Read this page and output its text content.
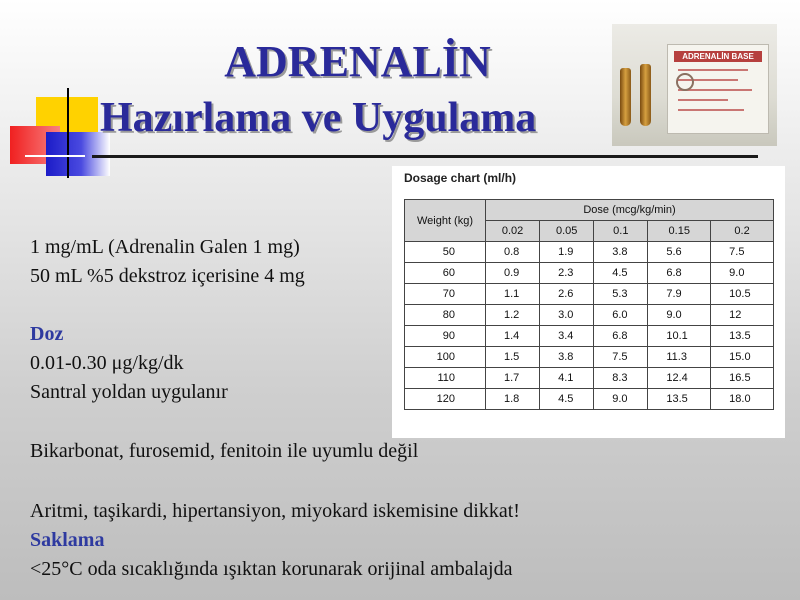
ADRENALİN
Hazırlama ve Uygulama
ADRENALİN BASE
1 mg/mL (Adrenalin Galen 1 mg)
50 mL %5 dekstroz içerisine 4 mg
Doz
0.01-0.30 μg/kg/dk
Santral yoldan uygulanır
Bikarbonat, furosemid, fenitoin ile uyumlu değil
Aritmi, taşikardi, hipertansiyon, miyokard iskemisine dikkat!
Saklama
<25°C oda sıcaklığında ışıktan korunarak orijinal ambalajda
Dosage chart (ml/h)
Weight (kg)	Dose (mcg/kg/min)				
	0.02	0.05	0.1	0.15	0.2
50	0.8	1.9	3.8	5.6	7.5
60	0.9	2.3	4.5	6.8	9.0
70	1.1	2.6	5.3	7.9	10.5
80	1.2	3.0	6.0	9.0	12
90	1.4	3.4	6.8	10.1	13.5
100	1.5	3.8	7.5	11.3	15.0
110	1.7	4.1	8.3	12.4	16.5
120	1.8	4.5	9.0	13.5	18.0
